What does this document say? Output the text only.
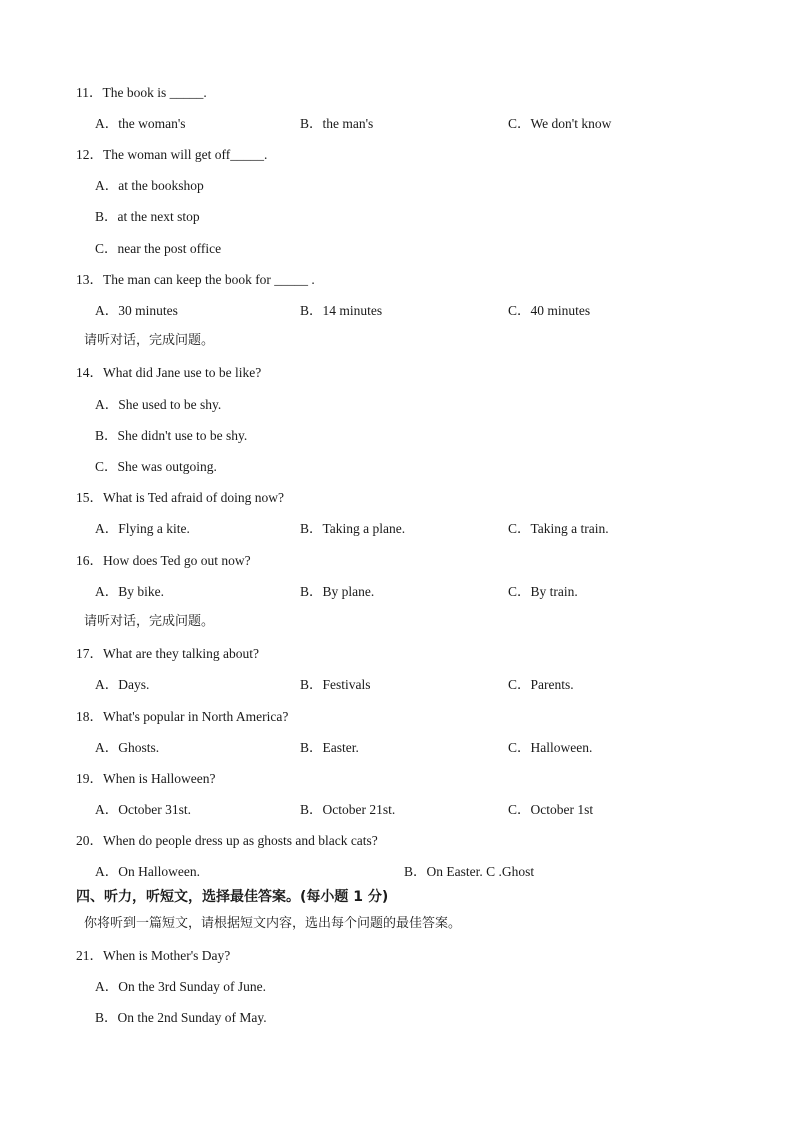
11．The book is _____.
A．the woman's	B．the man's	C．We don't know
12．The woman will get off_____.
A．at the bookshop
B．at the next stop
C．near the post office
13．The man can keep the book for _____ .
A．30 minutes	B．14 minutes	C．40 minutes
请听对话，完成问题。
14．What did Jane use to be like?
A．She used to be shy.
B．She didn't use to be shy.
C．She was outgoing.
15．What is Ted afraid of doing now?
A．Flying a kite.	B．Taking a plane.	C．Taking a train.
16．How does Ted go out now?
A．By bike.	B．By plane.	C．By train.
请听对话，完成问题。
17．What are they talking about?
A．Days.	B．Festivals	C．Parents.
18．What's popular in North America?
A．Ghosts.	B．Easter.	C．Halloween.
19．When is Halloween?
A．October 31st.	B．October 21st.	C．October 1st
20．When do people dress up as ghosts and black cats?
A．On Halloween.	B．On Easter. C .Ghost
四、听力，听短文，选择最佳答案。(每小题 1 分)
你将听到一篇短文，请根据短文内容，选出每个问题的最佳答案。
21．When is Mother's Day?
A．On the 3rd Sunday of June.
B．On the 2nd Sunday of May.
